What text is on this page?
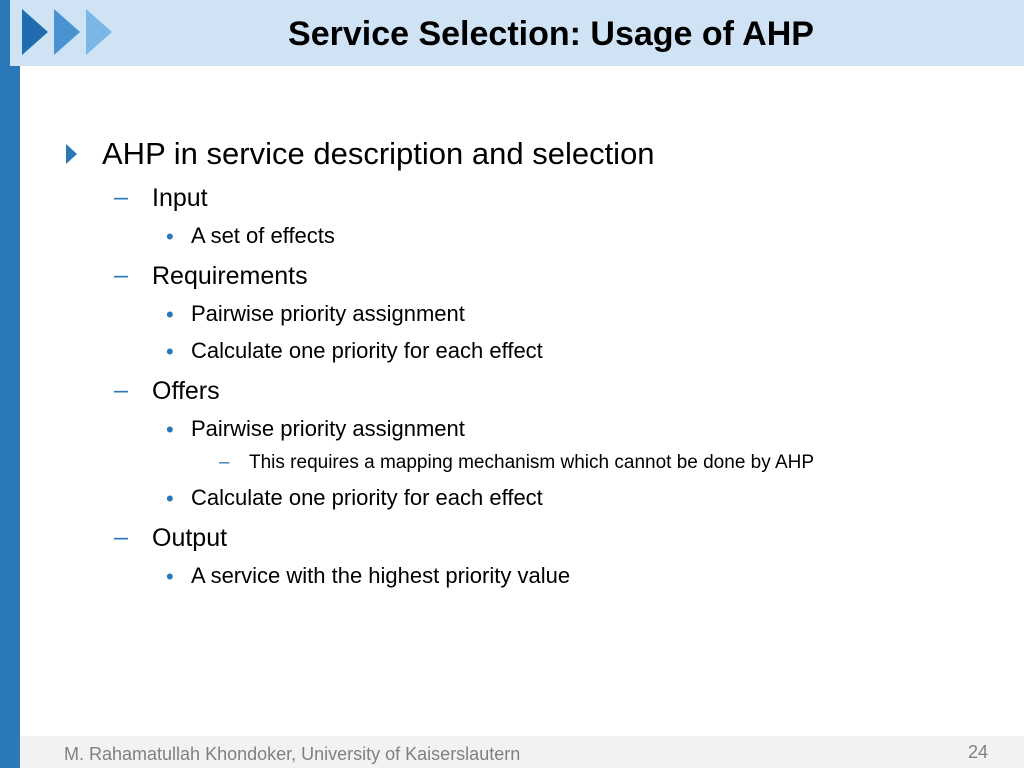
Service Selection: Usage of AHP
AHP in service description and selection
– Input
• A set of effects
– Requirements
• Pairwise priority assignment
• Calculate one priority for each effect
– Offers
• Pairwise priority assignment
– This requires a mapping mechanism which cannot be done by AHP
• Calculate one priority for each effect
– Output
• A service with the highest priority value
M. Rahamatullah Khondoker, University of Kaiserslautern	24
